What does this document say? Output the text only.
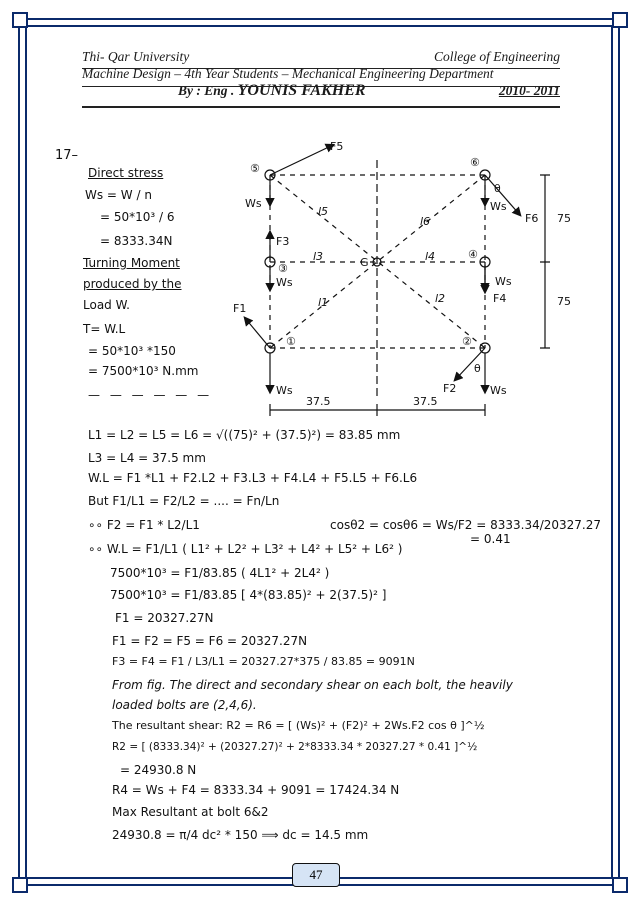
Thi- Qar University	College of Engineering
Machine Design – 4th Year Students – Mechanical Engineering Department
By : Eng . YOUNIS FAKHER	2010- 2011
17–
Direct stress
Ws = W / n
= 50*10³ / 6
= 8333.34N
Turning Moment
produced by the
Load W.
T= W.L
= 50*10³ *150
= 7500*10³ N.mm
— — — — — —
⑤	⑥
③
④
①	②
G
F5
F6
F3
F4
F1
F2
Ws	Ws
Ws	Ws
Ws	Ws
θ
θ
l5
l6
l3	l4
l1	l2
75
75
37.5	37.5
L1 = L2 = L5 = L6 = √((75)² + (37.5)²) = 83.85 mm
L3 = L4 = 37.5 mm
W.L = F1 *L1 + F2.L2 + F3.L3 + F4.L4 + F5.L5 + F6.L6
But F1/L1 = F2/L2 = .... = Fn/Ln
∘∘ F2 = F1 * L2/L1	cosθ2 = cosθ6 = Ws/F2 = 8333.34/20327.27
= 0.41
∘∘ W.L = F1/L1 ( L1² + L2² + L3² + L4² + L5² + L6² )
7500*10³ = F1/83.85 ( 4L1² + 2L4² )
7500*10³ = F1/83.85 [ 4*(83.85)² + 2(37.5)² ]
F1 = 20327.27N
F1 = F2 = F5 = F6 = 20327.27N
F3 = F4 = F1 / L3/L1 = 20327.27*375 / 83.85 = 9091N
From fig. The direct and secondary shear on each bolt, the heavily
loaded bolts are (2,4,6).
The resultant shear: R2 = R6 = [ (Ws)² + (F2)² + 2Ws.F2 cos θ ]^½
R2 = [ (8333.34)² + (20327.27)² + 2*8333.34 * 20327.27 * 0.41 ]^½
= 24930.8 N
R4 = Ws + F4 = 8333.34 + 9091 = 17424.34 N
Max Resultant at bolt 6&2
24930.8 = π/4 dc² * 150 ⟹ dc = 14.5 mm
47
